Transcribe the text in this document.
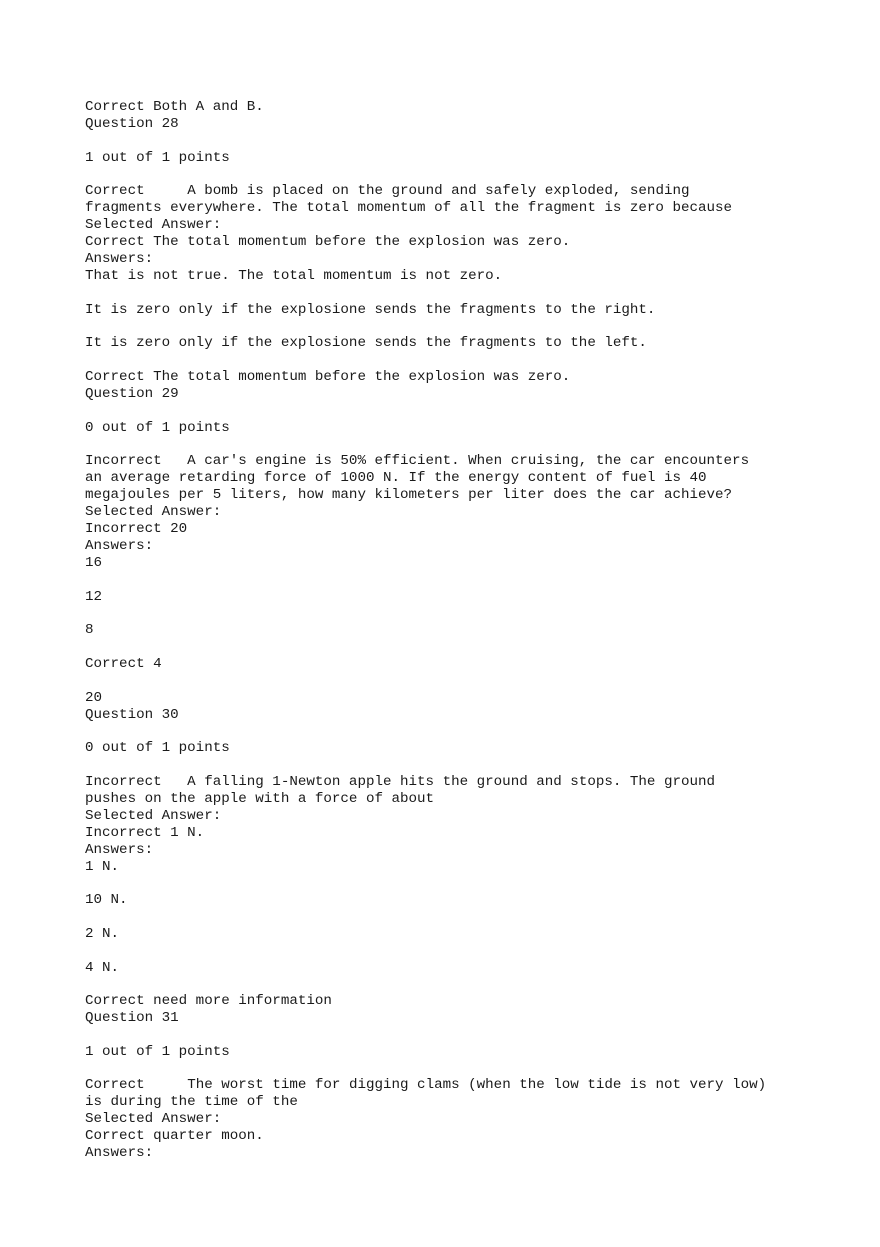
Correct Both A and B.
Question 28
1 out of 1 points
Correct	A bomb is placed on the ground and safely exploded, sending
fragments everywhere. The total momentum of all the fragment is zero because
Selected Answer:
Correct The total momentum before the explosion was zero.
Answers:
That is not true. The total momentum is not zero.
It is zero only if the explosione sends the fragments to the right.
It is zero only if the explosione sends the fragments to the left.
Correct The total momentum before the explosion was zero.
Question 29
0 out of 1 points
Incorrect A car's engine is 50% efficient. When cruising, the car encounters
an average retarding force of 1000 N. If the energy content of fuel is 40
megajoules per 5 liters, how many kilometers per liter does the car achieve?
Selected Answer:
Incorrect 20
Answers:
16
12
8
Correct 4
20
Question 30
0 out of 1 points
Incorrect A falling 1-Newton apple hits the ground and stops. The ground
pushes on the apple with a force of about
Selected Answer:
Incorrect 1 N.
Answers:
1 N.
10 N.
2 N.
4 N.
Correct need more information
Question 31
1 out of 1 points
Correct	The worst time for digging clams (when the low tide is not very low)
is during the time of the
Selected Answer:
Correct quarter moon.
Answers:
